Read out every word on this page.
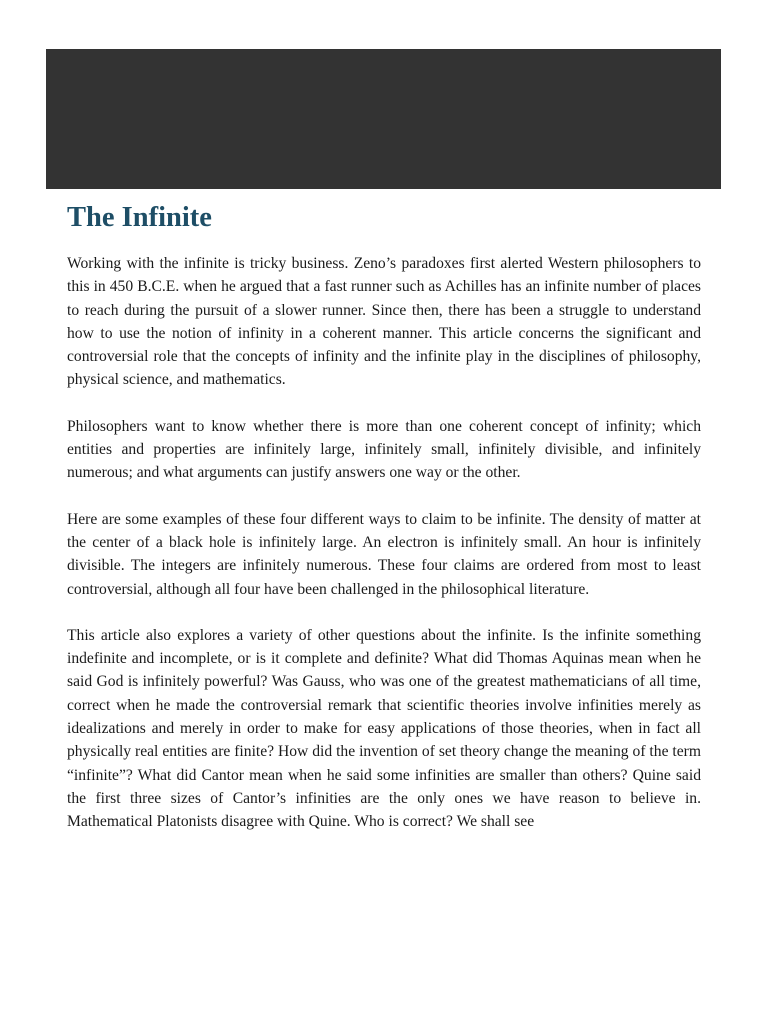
The Infinite

Working with the infinite is tricky business. Zeno’s paradoxes first alerted Western philosophers to this in 450 B.C.E. when he argued that a fast runner such as Achilles has an infinite number of places to reach during the pursuit of a slower runner. Since then, there has been a struggle to understand how to use the notion of infinity in a coherent manner. This article concerns the significant and controversial role that the concepts of infinity and the infinite play in the disciplines of philosophy, physical science, and mathematics.

Philosophers want to know whether there is more than one coherent concept of infinity; which entities and properties are infinitely large, infinitely small, infinitely divisible, and infinitely numerous; and what arguments can justify answers one way or the other.

Here are some examples of these four different ways to claim to be infinite. The density of matter at the center of a black hole is infinitely large. An electron is infinitely small. An hour is infinitely divisible. The integers are infinitely numerous. These four claims are ordered from most to least controversial, although all four have been challenged in the philosophical literature.

This article also explores a variety of other questions about the infinite. Is the infinite something indefinite and incomplete, or is it complete and definite? What did Thomas Aquinas mean when he said God is infinitely powerful? Was Gauss, who was one of the greatest mathematicians of all time, correct when he made the controversial remark that scientific theories involve infinities merely as idealizations and merely in order to make for easy applications of those theories, when in fact all physically real entities are finite? How did the invention of set theory change the meaning of the term “infinite”? What did Cantor mean when he said some infinities are smaller than others? Quine said the first three sizes of Cantor’s infinities are the only ones we have reason to believe in. Mathematical Platonists disagree with Quine. Who is correct? We shall see
